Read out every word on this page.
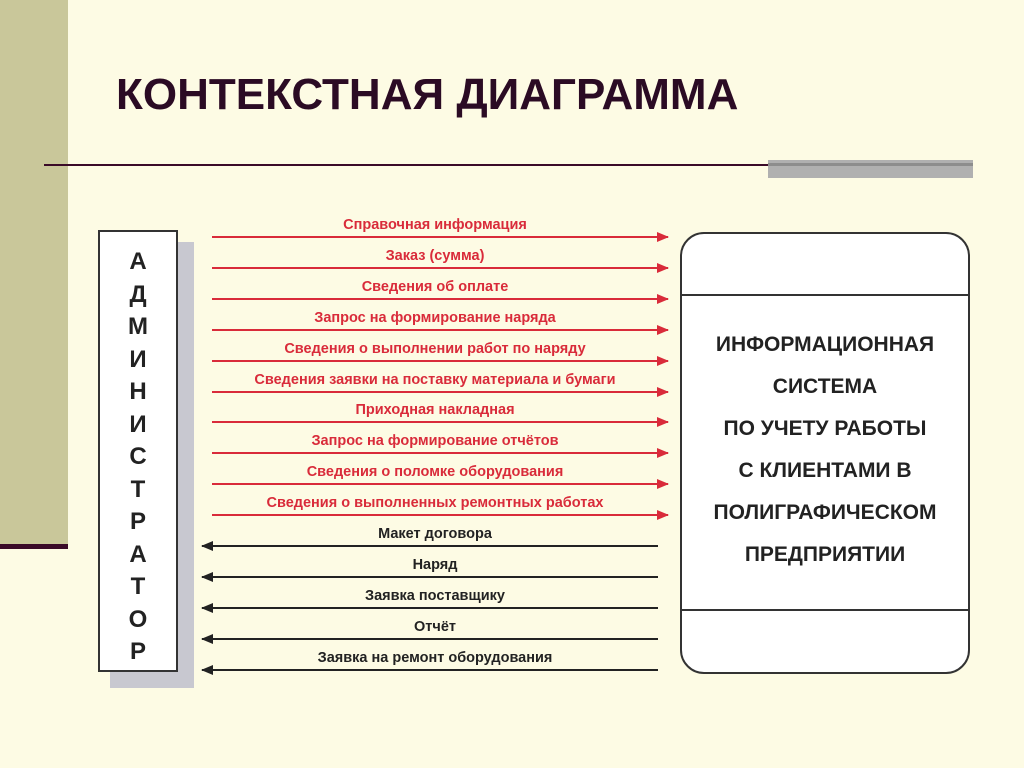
КОНТЕКСТНАЯ ДИАГРАММА
А
Д
М
И
Н
И
С
Т
Р
А
Т
О
Р
ИНФОРМАЦИОННАЯ
СИСТЕМА
ПО УЧЕТУ РАБОТЫ
С КЛИЕНТАМИ В
ПОЛИГРАФИЧЕСКОМ
ПРЕДПРИЯТИИ
Справочная информация
Заказ (сумма)
Сведения об оплате
Запрос на формирование наряда
Сведения о выполнении работ по наряду
Сведения заявки на поставку материала и бумаги
Приходная накладная
Запрос на формирование отчётов
Сведения о поломке оборудования
Сведения о выполненных ремонтных работах
Макет договора
Наряд
Заявка поставщику
Отчёт
Заявка на ремонт оборудования
